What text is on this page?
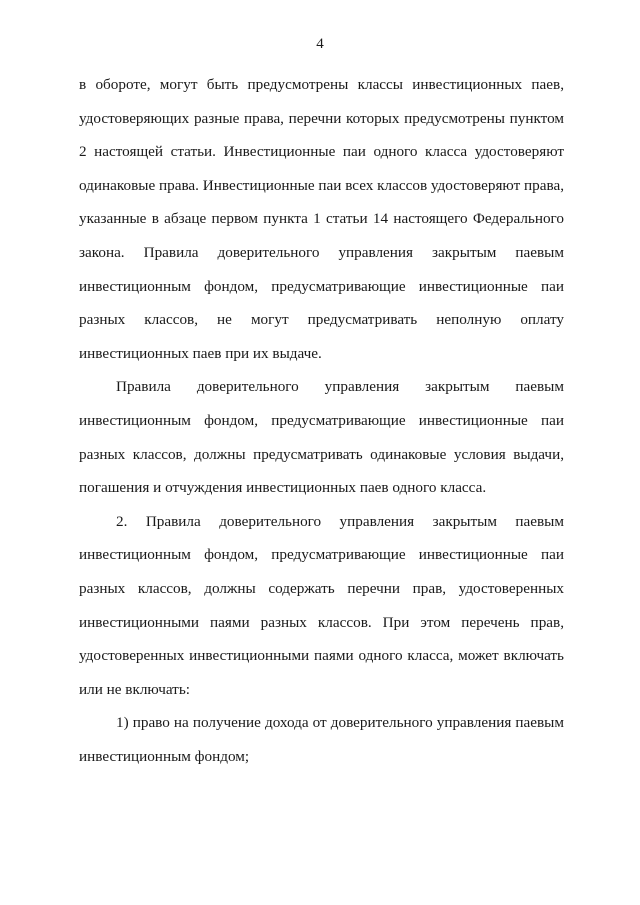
4

в обороте, могут быть предусмотрены классы инвестиционных паев, удостоверяющих разные права, перечни которых предусмотрены пунктом 2 настоящей статьи. Инвестиционные паи одного класса удостоверяют одинаковые права. Инвестиционные паи всех классов удостоверяют права, указанные в абзаце первом пункта 1 статьи 14 настоящего Федерального закона. Правила доверительного управления закрытым паевым инвестиционным фондом, предусматривающие инвестиционные паи разных классов, не могут предусматривать неполную оплату инвестиционных паев при их выдаче.

Правила доверительного управления закрытым паевым инвестиционным фондом, предусматривающие инвестиционные паи разных классов, должны предусматривать одинаковые условия выдачи, погашения и отчуждения инвестиционных паев одного класса.

2. Правила доверительного управления закрытым паевым инвестиционным фондом, предусматривающие инвестиционные паи разных классов, должны содержать перечни прав, удостоверенных инвестиционными паями разных классов. При этом перечень прав, удостоверенных инвестиционными паями одного класса, может включать или не включать:

1) право на получение дохода от доверительного управления паевым инвестиционным фондом;
